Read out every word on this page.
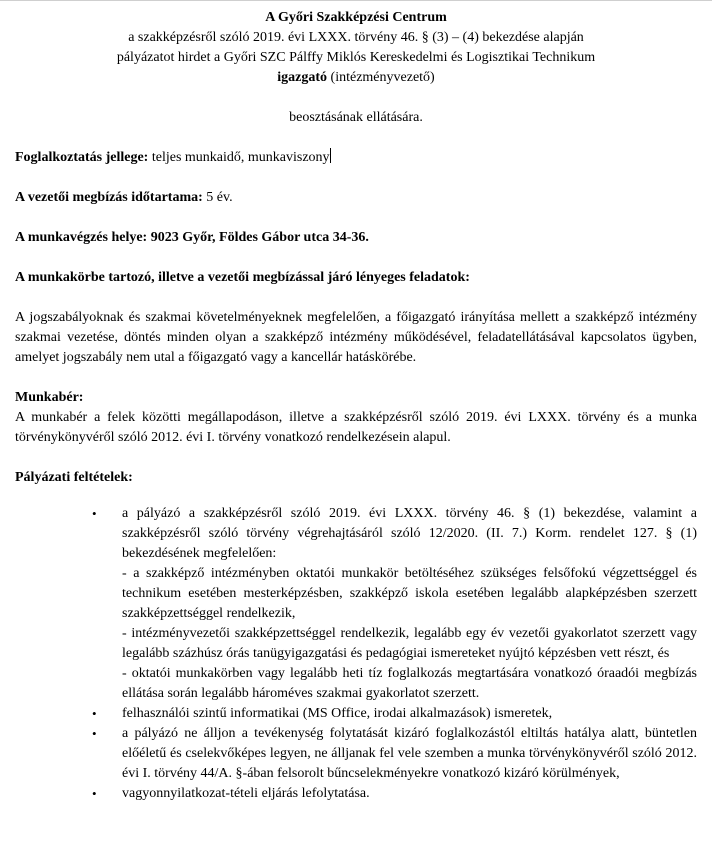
A Győri Szakképzési Centrum

a szakképzésről szóló 2019. évi LXXX. törvény 46. § (3) – (4) bekezdése alapján

pályázatot hirdet a Győri SZC Pálffy Miklós Kereskedelmi és Logisztikai Technikum

igazgató (intézményvezető)

beosztásának ellátására.

Foglalkoztatás jellege: teljes munkaidő, munkaviszony

A vezetői megbízás időtartama: 5 év.

A munkavégzés helye: 9023 Győr, Földes Gábor utca 34-36.

A munkakörbe tartozó, illetve a vezetői megbízással járó lényeges feladatok:

A jogszabályoknak és szakmai követelményeknek megfelelően, a főigazgató irányítása mellett a szakképző intézmény szakmai vezetése, döntés minden olyan a szakképző intézmény működésével, feladatellátásával kapcsolatos ügyben, amelyet jogszabály nem utal a főigazgató vagy a kancellár hatáskörébe.

Munkabér:

A munkabér a felek közötti megállapodáson, illetve a szakképzésről szóló 2019. évi LXXX. törvény és a munka törvénykönyvéről szóló 2012. évi I. törvény vonatkozó rendelkezésein alapul.

Pályázati feltételek:

•	a pályázó a szakképzésről szóló 2019. évi LXXX. törvény 46. § (1) bekezdése, valamint a szakképzésről szóló törvény végrehajtásáról szóló 12/2020. (II. 7.) Korm. rendelet 127. § (1) bekezdésének megfelelően:
- a szakképző intézményben oktatói munkakör betöltéséhez szükséges felsőfokú végzettséggel és technikum esetében mesterképzésben, szakképző iskola esetében legalább alapképzésben szerzett szakképzettséggel rendelkezik,
- intézményvezetői szakképzettséggel rendelkezik, legalább egy év vezetői gyakorlatot szerzett vagy legalább százhúsz órás tanügyigazgatási és pedagógiai ismereteket nyújtó képzésben vett részt, és
- oktatói munkakörben vagy legalább heti tíz foglalkozás megtartására vonatkozó óraadói megbízás ellátása során legalább hároméves szakmai gyakorlatot szerzett.
•	felhasználói szintű informatikai (MS Office, irodai alkalmazások) ismeretek,
•	a pályázó ne álljon a tevékenység folytatását kizáró foglalkozástól eltiltás hatálya alatt, büntetlen előéletű és cselekvőképes legyen, ne álljanak fel vele szemben a munka törvénykönyvéről szóló 2012. évi I. törvény 44/A. §-ában felsorolt bűncselekményekre vonatkozó kizáró körülmények,
•	vagyonnyilatkozat-tételi eljárás lefolytatása.
